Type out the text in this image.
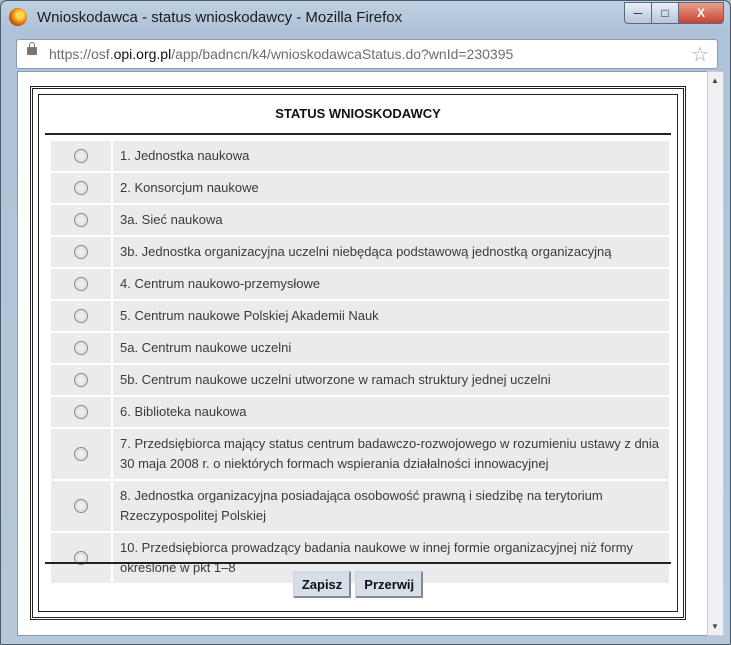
Wnioskodawca - status wnioskodawcy - Mozilla Firefox	─ □ X
https://osf.opi.org.pl/app/badncn/k4/wnioskodawcaStatus.do?wnId=230395	☆
STATUS WNIOSKODAWCY
1. Jednostka naukowa
2. Konsorcjum naukowe
3a. Sieć naukowa
3b. Jednostka organizacyjna uczelni niebędąca podstawową jednostką organizacyjną
4. Centrum naukowo-przemysłowe
5. Centrum naukowe Polskiej Akademii Nauk
5a. Centrum naukowe uczelni
5b. Centrum naukowe uczelni utworzone w ramach struktury jednej uczelni
6. Biblioteka naukowa
7. Przedsiębiorca mający status centrum badawczo-rozwojowego w rozumieniu ustawy z dnia 30 maja 2008 r. o niektórych formach wspierania działalności innowacyjnej
8. Jednostka organizacyjna posiadająca osobowość prawną i siedzibę na terytorium Rzeczypospolitej Polskiej
10. Przedsiębiorca prowadzący badania naukowe w innej formie organizacyjnej niż formy określone w pkt 1–8
Zapisz Przerwij
▲
▼
